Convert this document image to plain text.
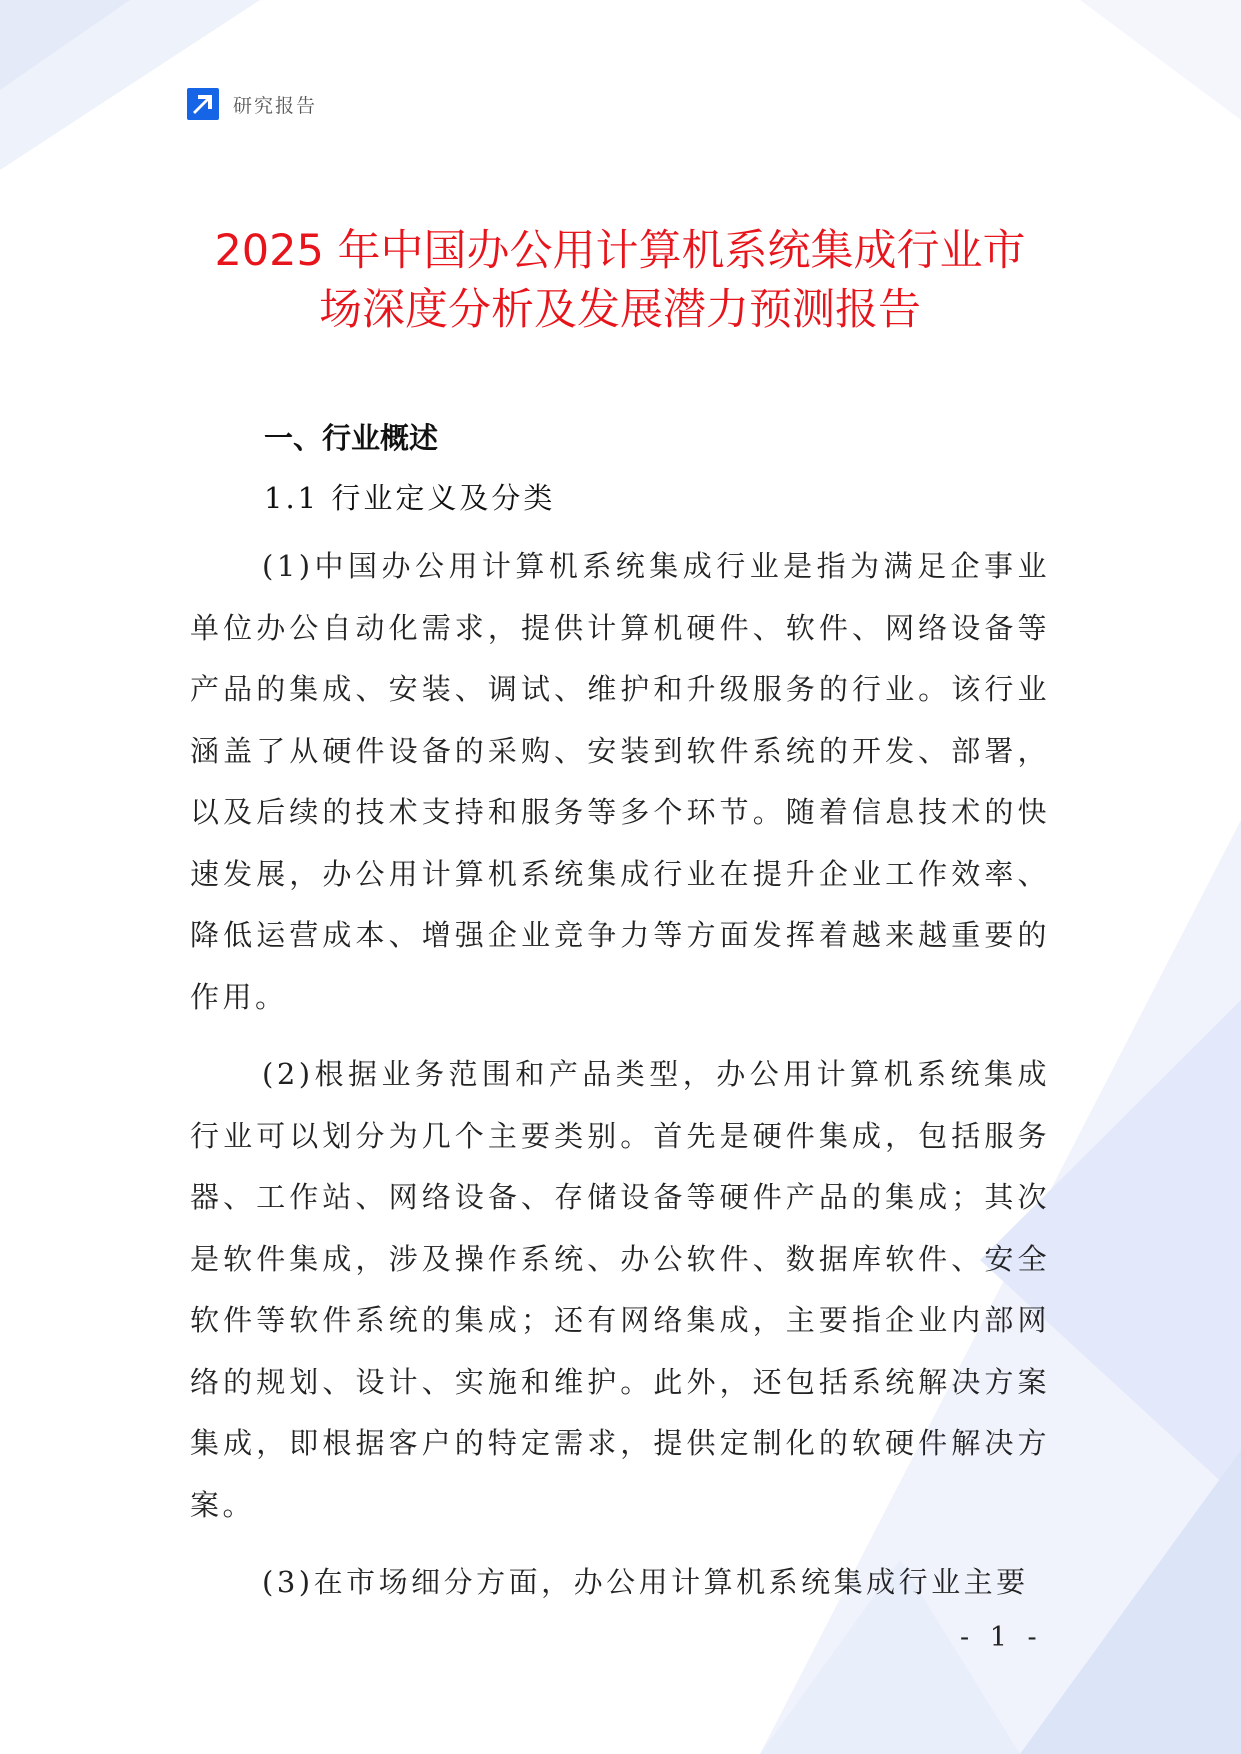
研究报告
2025 年中国办公用计算机系统集成行业市
场深度分析及发展潜力预测报告
一、行业概述
1.1 行业定义及分类

(1)中国办公用计算机系统集成行业是指为满足企事业单位办公自动化需求，提供计算机硬件、软件、网络设备等产品的集成、安装、调试、维护和升级服务的行业。该行业涵盖了从硬件设备的采购、安装到软件系统的开发、部署，以及后续的技术支持和服务等多个环节。随着信息技术的快速发展，办公用计算机系统集成行业在提升企业工作效率、降低运营成本、增强企业竞争力等方面发挥着越来越重要的作用。

(2)根据业务范围和产品类型，办公用计算机系统集成行业可以划分为几个主要类别。首先是硬件集成，包括服务器、工作站、网络设备、存储设备等硬件产品的集成；其次是软件集成，涉及操作系统、办公软件、数据库软件、安全软件等软件系统的集成；还有网络集成，主要指企业内部网络的规划、设计、实施和维护。此外，还包括系统解决方案集成，即根据客户的特定需求，提供定制化的软硬件解决方案。

(3)在市场细分方面，办公用计算机系统集成行业主要

- 1 -
